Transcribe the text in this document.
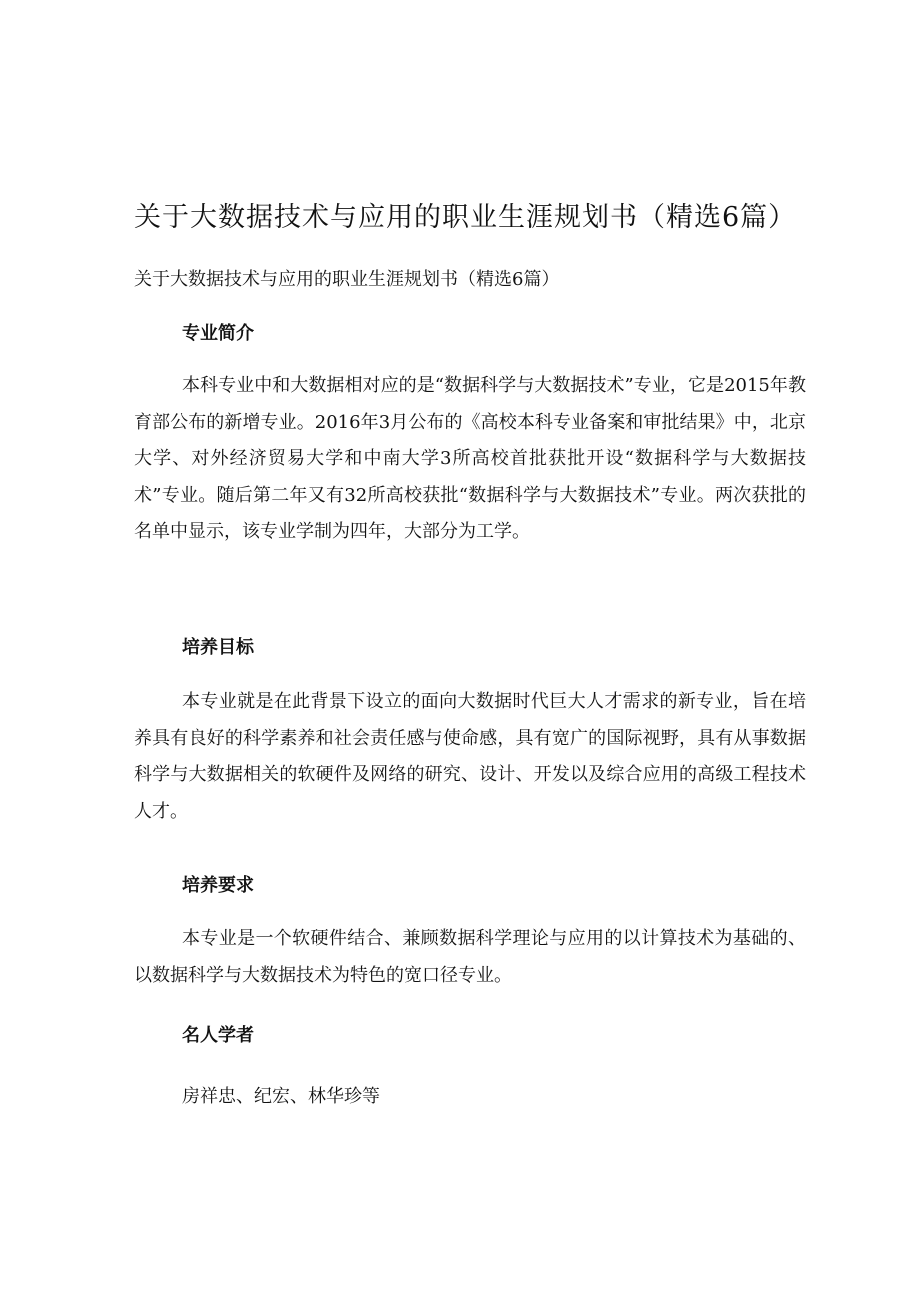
关于大数据技术与应用的职业生涯规划书（精选6篇）

关于大数据技术与应用的职业生涯规划书（精选6篇）

专业简介

本科专业中和大数据相对应的是“数据科学与大数据技术”专业，它是2015年教育部公布的新增专业。2016年3月公布的《高校本科专业备案和审批结果》中，北京大学、对外经济贸易大学和中南大学3所高校首批获批开设“数据科学与大数据技术”专业。随后第二年又有32所高校获批“数据科学与大数据技术”专业。两次获批的名单中显示，该专业学制为四年，大部分为工学。

培养目标

本专业就是在此背景下设立的面向大数据时代巨大人才需求的新专业，旨在培养具有良好的科学素养和社会责任感与使命感，具有宽广的国际视野，具有从事数据科学与大数据相关的软硬件及网络的研究、设计、开发以及综合应用的高级工程技术人才。

培养要求

本专业是一个软硬件结合、兼顾数据科学理论与应用的以计算技术为基础的、以数据科学与大数据技术为特色的宽口径专业。

名人学者

房祥忠、纪宏、林华珍等
